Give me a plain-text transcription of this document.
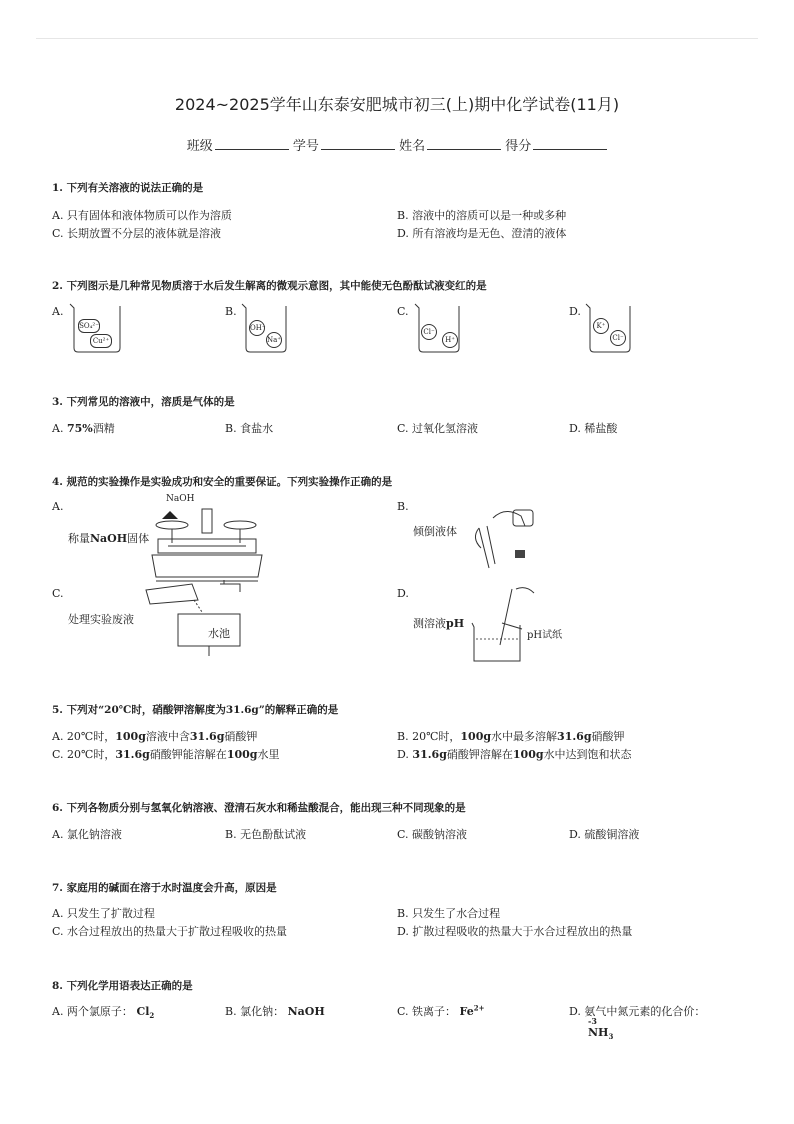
2024~2025学年山东泰安肥城市初三(上)期中化学试卷(11月)
班级	学号	姓名	得分
1. 下列有关溶液的说法正确的是
A. 只有固体和液体物质可以作为溶质	B. 溶液中的溶质可以是一种或多种
C. 长期放置不分层的液体就是溶液	D. 所有溶液均是无色、澄清的液体
2. 下列图示是几种常见物质溶于水后发生解离的微观示意图，其中能使无色酚酞试液变红的是
A.	B.	C.	D.
SO₄²⁻
Cu²⁺
OH⁻
Na⁺
Cl⁻
H⁺
K⁺
Cl⁻
3. 下列常见的溶液中，溶质是气体的是
A. 75%酒精	B. 食盐水	C. 过氧化氢溶液	D. 稀盐酸
4. 规范的实验操作是实验成功和安全的重要保证。下列实验操作正确的是
A.
称量NaOH固体
NaOH
B.
倾倒液体
C.
处理实验废液
水池
D.
测溶液pH
pH试纸
5. 下列对“20℃时，硝酸钾溶解度为31.6g”的解释正确的是
A. 20℃时，100g溶液中含31.6g硝酸钾	B. 20℃时，100g水中最多溶解31.6g硝酸钾
C. 20℃时，31.6g硝酸钾能溶解在100g水里	D. 31.6g硝酸钾溶解在100g水中达到饱和状态
6. 下列各物质分别与氢氧化钠溶液、澄清石灰水和稀盐酸混合，能出现三种不同现象的是
A. 氯化钠溶液	B. 无色酚酞试液	C. 碳酸钠溶液	D. 硫酸铜溶液
7. 家庭用的碱面在溶于水时温度会升高，原因是
A. 只发生了扩散过程	B. 只发生了水合过程
C. 水合过程放出的热量大于扩散过程吸收的热量	D. 扩散过程吸收的热量大于水合过程放出的热量
8. 下列化学用语表达正确的是
A. 两个氯原子： $Cl_2$	B. 氯化钠： NaOH	C. 铁离子： $Fe^{2+}$	D. 氨气中氮元素的化合价：
-3
$NH_3$
